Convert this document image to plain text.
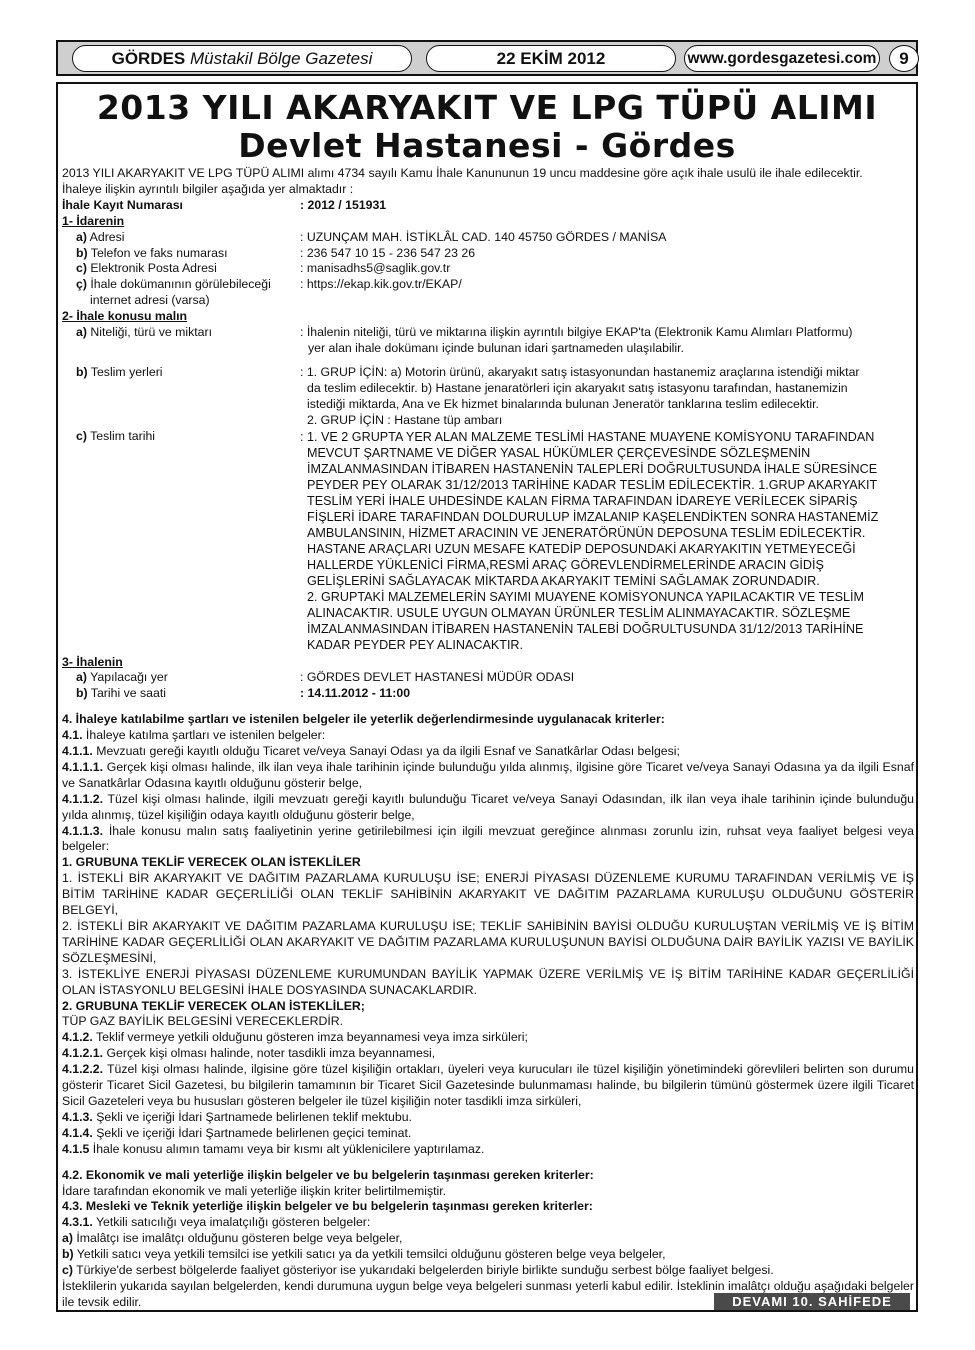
GÖRDES
Müstakil Bölge Gazetesi	22 EKİM 2012	www.gordesgazetesi.com	9
2013 YILI AKARYAKIT VE LPG TÜPÜ ALIMI
Devlet Hastanesi - Gördes

2013 YILI AKARYAKIT VE LPG TÜPÜ ALIMI alımı 4734 sayılı Kamu İhale Kanununun 19 uncu maddesine göre açık ihale usulü ile ihale edilecektir.

İhaleye ilişkin ayrıntılı bilgiler aşağıda yer almaktadır :

İhale Kayıt Numarası	: 2012 / 151931

1- İdarenin

a) Adresi	: UZUNÇAM MAH. İSTİKLÂL CAD. 140 45750 GÖRDES / MANİSA
b) Telefon ve faks numarası	: 236 547 10 15 - 236 547 23 26
c) Elektronik Posta Adresi	: manisadhs5@saglik.gov.tr
ç) İhale dokümanının görülebileceği	: https://ekap.kik.gov.tr/EKAP/

internet adresi (varsa)

2- İhale konusu malın

a) Niteliği, türü ve miktarı	: İhalenin niteliği, türü ve miktarına ilişkin ayrıntılı bilgiye EKAP'ta (Elektronik Kamu Alımları Platformu)
yer alan ihale dokümanı içinde bulunan idari şartnameden ulaşılabilir.
b) Teslim yerleri	: 1. GRUP İÇİN: a) Motorin ürünü, akaryakıt satış istasyonundan hastanemiz araçlarına istendiği miktar
da teslim edilecektir. b) Hastane jenaratörleri için akaryakıt satış istasyonu tarafından, hastanemizin
istediği miktarda, Ana ve Ek hizmet binalarında bulunan Jeneratör tanklarına teslim edilecektir.
2. GRUP İÇİN : Hastane tüp ambarı
c) Teslim tarihi	: 1. VE 2 GRUPTA YER ALAN MALZEME TESLİMİ HASTANE MUAYENE KOMİSYONU TARAFINDAN
MEVCUT ŞARTNAME VE DİĞER YASAL HÜKÜMLER ÇERÇEVESİNDE SÖZLEŞMENİN
İMZALANMASINDAN İTİBAREN HASTANENİN TALEPLERİ DOĞRULTUSUNDA İHALE SÜRESİNCE
PEYDER PEY OLARAK 31/12/2013 TARİHİNE KADAR TESLİM EDİLECEKTİR. 1.GRUP AKARYAKIT
TESLİM YERİ İHALE UHDESİNDE KALAN FİRMA TARAFINDAN İDAREYE VERİLECEK SİPARİŞ
FİŞLERİ İDARE TARAFINDAN DOLDURULUP İMZALANIP KAŞELENDİKTEN SONRA HASTANEMİZ
AMBULANSININ, HİZMET ARACININ VE JENERATÖRÜNÜN DEPOSUNA TESLİM EDİLECEKTİR.
HASTANE ARAÇLARI UZUN MESAFE KATEDİP DEPOSUNDAKİ AKARYAKITIN YETMEYECEĞİ
HALLERDE YÜKLENİCİ FİRMA,RESMİ ARAÇ GÖREVLENDİRMELERİNDE ARACIN GİDİŞ
GELİŞLERİNİ SAĞLAYACAK MİKTARDA AKARYAKIT TEMİNİ SAĞLAMAK ZORUNDADIR.
2. GRUPTAKİ MALZEMELERİN SAYIMI MUAYENE KOMİSYONUNCA YAPILACAKTIR VE TESLİM
ALINACAKTIR. USULE UYGUN OLMAYAN ÜRÜNLER TESLİM ALINMAYACAKTIR. SÖZLEŞME
İMZALANMASINDAN İTİBAREN HASTANENİN TALEBİ DOĞRULTUSUNDA 31/12/2013 TARİHİNE
KADAR PEYDER PEY ALINACAKTIR.

3- İhalenin

a) Yapılacağı yer	: GÖRDES DEVLET HASTANESİ MÜDÜR ODASI
b) Tarihi ve saati	: 14.11.2012 - 11:00

4. İhaleye katılabilme şartları ve istenilen belgeler ile yeterlik değerlendirmesinde uygulanacak kriterler:

4.1. İhaleye katılma şartları ve istenilen belgeler:

4.1.1. Mevzuatı gereği kayıtlı olduğu Ticaret ve/veya Sanayi Odası ya da ilgili Esnaf ve Sanatkârlar Odası belgesi;

4.1.1.1. Gerçek kişi olması halinde, ilk ilan veya ihale tarihinin içinde bulunduğu yılda alınmış, ilgisine göre Ticaret ve/veya Sanayi Odasına ya da ilgili Esnaf ve Sanatkârlar Odasına kayıtlı olduğunu gösterir belge,

4.1.1.2. Tüzel kişi olması halinde, ilgili mevzuatı gereği kayıtlı bulunduğu Ticaret ve/veya Sanayi Odasından, ilk ilan veya ihale tarihinin içinde bulunduğu yılda alınmış, tüzel kişiliğin odaya kayıtlı olduğunu gösterir belge,

4.1.1.3. İhale konusu malın satış faaliyetinin yerine getirilebilmesi için ilgili mevzuat gereğince alınması zorunlu izin, ruhsat veya faaliyet belgesi veya belgeler:

1. GRUBUNA TEKLİF VERECEK OLAN İSTEKLİLER

1. İSTEKLİ BİR AKARYAKIT VE DAĞITIM PAZARLAMA KURULUŞU İSE; ENERJİ PİYASASI DÜZENLEME KURUMU TARAFINDAN VERİLMİŞ VE İŞ BİTİM TARİHİNE KADAR GEÇERLİLİĞİ OLAN TEKLİF SAHİBİNİN AKARYAKIT VE DAĞITIM PAZARLAMA KURULUŞU OLDUĞUNU GÖSTERİR BELGEYİ,

2. İSTEKLİ BİR AKARYAKIT VE DAĞITIM PAZARLAMA KURULUŞU İSE; TEKLİF SAHİBİNİN BAYİSİ OLDUĞU KURULUŞTAN VERİLMİŞ VE İŞ BİTİM TARİHİNE KADAR GEÇERLİLİĞİ OLAN AKARYAKIT VE DAĞITIM PAZARLAMA KURULUŞUNUN BAYİSİ OLDUĞUNA DAİR BAYİLİK YAZISI VE BAYİLİK SÖZLEŞMESİNİ,

3. İSTEKLİYE ENERJİ PİYASASI DÜZENLEME KURUMUNDAN BAYİLİK YAPMAK ÜZERE VERİLMİŞ VE İŞ BİTİM TARİHİNE KADAR GEÇERLİLİĞİ OLAN İSTASYONLU BELGESİNİ İHALE DOSYASINDA SUNACAKLARDIR.

2. GRUBUNA TEKLİF VERECEK OLAN İSTEKLİLER;

TÜP GAZ BAYİLİK BELGESİNİ VERECEKLERDİR.

4.1.2. Teklif vermeye yetkili olduğunu gösteren imza beyannamesi veya imza sirküleri;

4.1.2.1. Gerçek kişi olması halinde, noter tasdikli imza beyannamesi,

4.1.2.2. Tüzel kişi olması halinde, ilgisine göre tüzel kişiliğin ortakları, üyeleri veya kurucuları ile tüzel kişiliğin yönetimindeki görevlileri belirten son durumu gösterir Ticaret Sicil Gazetesi, bu bilgilerin tamamının bir Ticaret Sicil Gazetesinde bulunmaması halinde, bu bilgilerin tümünü göstermek üzere ilgili Ticaret Sicil Gazeteleri veya bu hususları gösteren belgeler ile tüzel kişiliğin noter tasdikli imza sirküleri,

4.1.3. Şekli ve içeriği İdari Şartnamede belirlenen teklif mektubu.

4.1.4. Şekli ve içeriği İdari Şartnamede belirlenen geçici teminat.

4.1.5 İhale konusu alımın tamamı veya bir kısmı alt yüklenicilere yaptırılamaz.

4.2. Ekonomik ve mali yeterliğe ilişkin belgeler ve bu belgelerin taşınması gereken kriterler:

İdare tarafından ekonomik ve mali yeterliğe ilişkin kriter belirtilmemiştir.

4.3. Mesleki ve Teknik yeterliğe ilişkin belgeler ve bu belgelerin taşınması gereken kriterler:

4.3.1. Yetkili satıcılığı veya imalatçılığı gösteren belgeler:

a) İmalâtçı ise imalâtçı olduğunu gösteren belge veya belgeler,

b) Yetkili satıcı veya yetkili temsilci ise yetkili satıcı ya da yetkili temsilci olduğunu gösteren belge veya belgeler,

c) Türkiye'de serbest bölgelerde faaliyet gösteriyor ise yukarıdaki belgelerden biriyle birlikte sunduğu serbest bölge faaliyet belgesi.

İsteklilerin yukarıda sayılan belgelerden, kendi durumuna uygun belge veya belgeleri sunması yeterli kabul edilir. İsteklinin imalâtçı olduğu aşağıdaki belgeler ile tevsik edilir.	DEVAMI 10. SAHİFEDE
